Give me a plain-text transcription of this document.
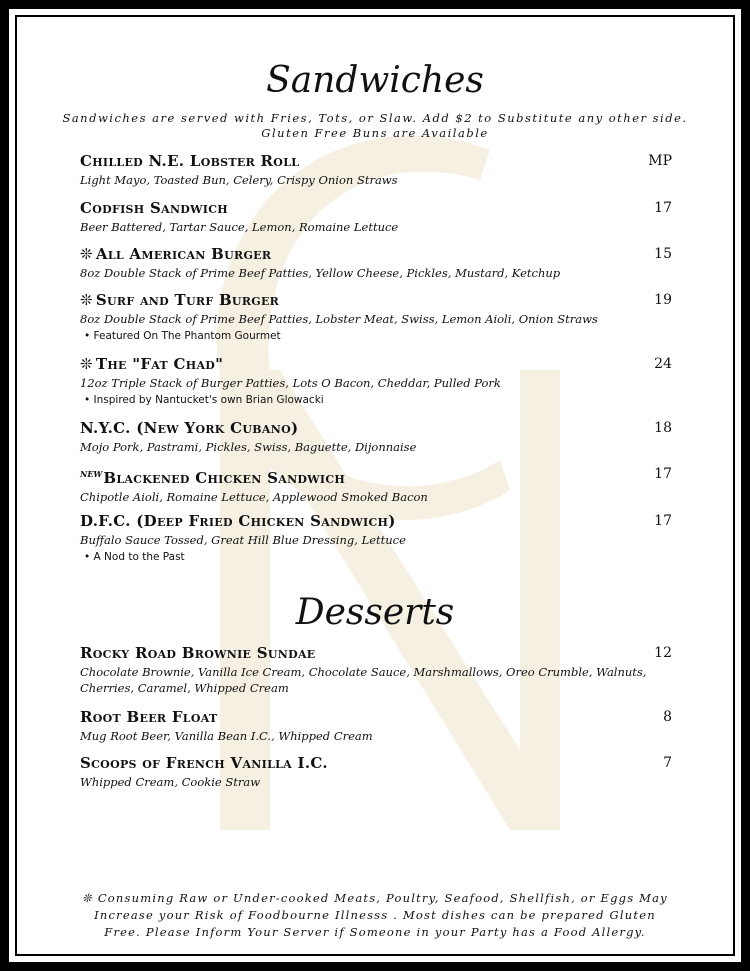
Sandwiches
Sandwiches are served with Fries, Tots, or Slaw. Add $2 to Substitute any other side.
Gluten Free Buns are Available
Chilled N.E. Lobster Roll	MP
Light Mayo, Toasted Bun, Celery, Crispy Onion Straws
Codfish Sandwich	17
Beer Battered, Tartar Sauce, Lemon, Romaine Lettuce
❊ All American Burger	15
8oz Double Stack of Prime Beef Patties, Yellow Cheese, Pickles, Mustard, Ketchup
❊ Surf and Turf Burger	19
8oz Double Stack of Prime Beef Patties, Lobster Meat, Swiss, Lemon Aioli, Onion Straws
• Featured On The Phantom Gourmet
❊ The "Fat Chad"	24
12oz Triple Stack of Burger Patties, Lots O Bacon, Cheddar, Pulled Pork
• Inspired by Nantucket's own Brian Glowacki
N.Y.C. (New York Cubano)	18
Mojo Pork, Pastrami, Pickles, Swiss, Baguette, Dijonnaise
$^{NEW}$Blackened Chicken Sandwich	17
Chipotle Aioli, Romaine Lettuce, Applewood Smoked Bacon
D.F.C. (Deep Fried Chicken Sandwich)	17
Buffalo Sauce Tossed, Great Hill Blue Dressing, Lettuce
• A Nod to the Past
Desserts
Rocky Road Brownie Sundae	12
Chocolate Brownie, Vanilla Ice Cream, Chocolate Sauce, Marshmallows, Oreo Crumble, Walnuts,
Cherries, Caramel, Whipped Cream
Root Beer Float	8
Mug Root Beer, Vanilla Bean I.C., Whipped Cream
Scoops of French Vanilla I.C.	7
Whipped Cream, Cookie Straw
❊ Consuming Raw or Under-cooked Meats, Poultry, Seafood, Shellfish, or Eggs May
Increase your Risk of Foodbourne Illnesss . Most dishes can be prepared Gluten
Free. Please Inform Your Server if Someone in your Party has a Food Allergy.
